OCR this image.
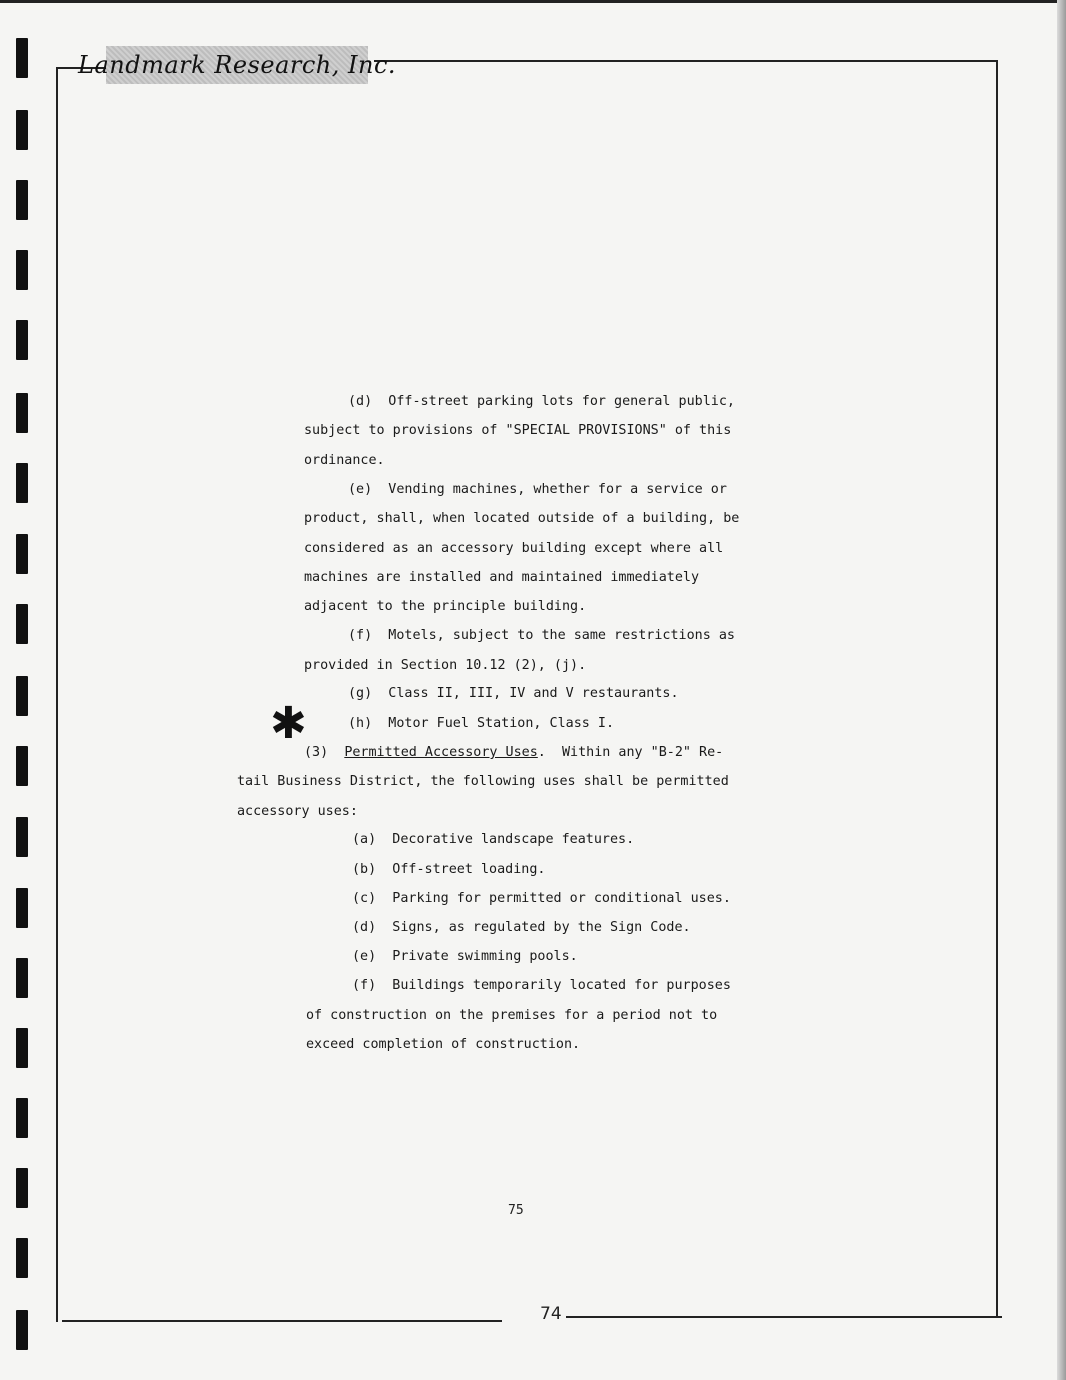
Landmark Research, Inc.
(d)  Off-street parking lots for general public,
subject to provisions of "SPECIAL PROVISIONS" of this
ordinance.
(e)  Vending machines, whether for a service or
product, shall, when located outside of a building, be
considered as an accessory building except where all
machines are installed and maintained immediately
adjacent to the principle building.
(f)  Motels, subject to the same restrictions as
provided in Section 10.12 (2), (j).
(g)  Class II, III, IV and V restaurants.
✱	(h)  Motor Fuel Station, Class I.
(3)  Permitted Accessory Uses.  Within any "B-2" Re-
tail Business District, the following uses shall be permitted
accessory uses:
(a)  Decorative landscape features.
(b)  Off-street loading.
(c)  Parking for permitted or conditional uses.
(d)  Signs, as regulated by the Sign Code.
(e)  Private swimming pools.
(f)  Buildings temporarily located for purposes
of construction on the premises for a period not to
exceed completion of construction.
75
74
